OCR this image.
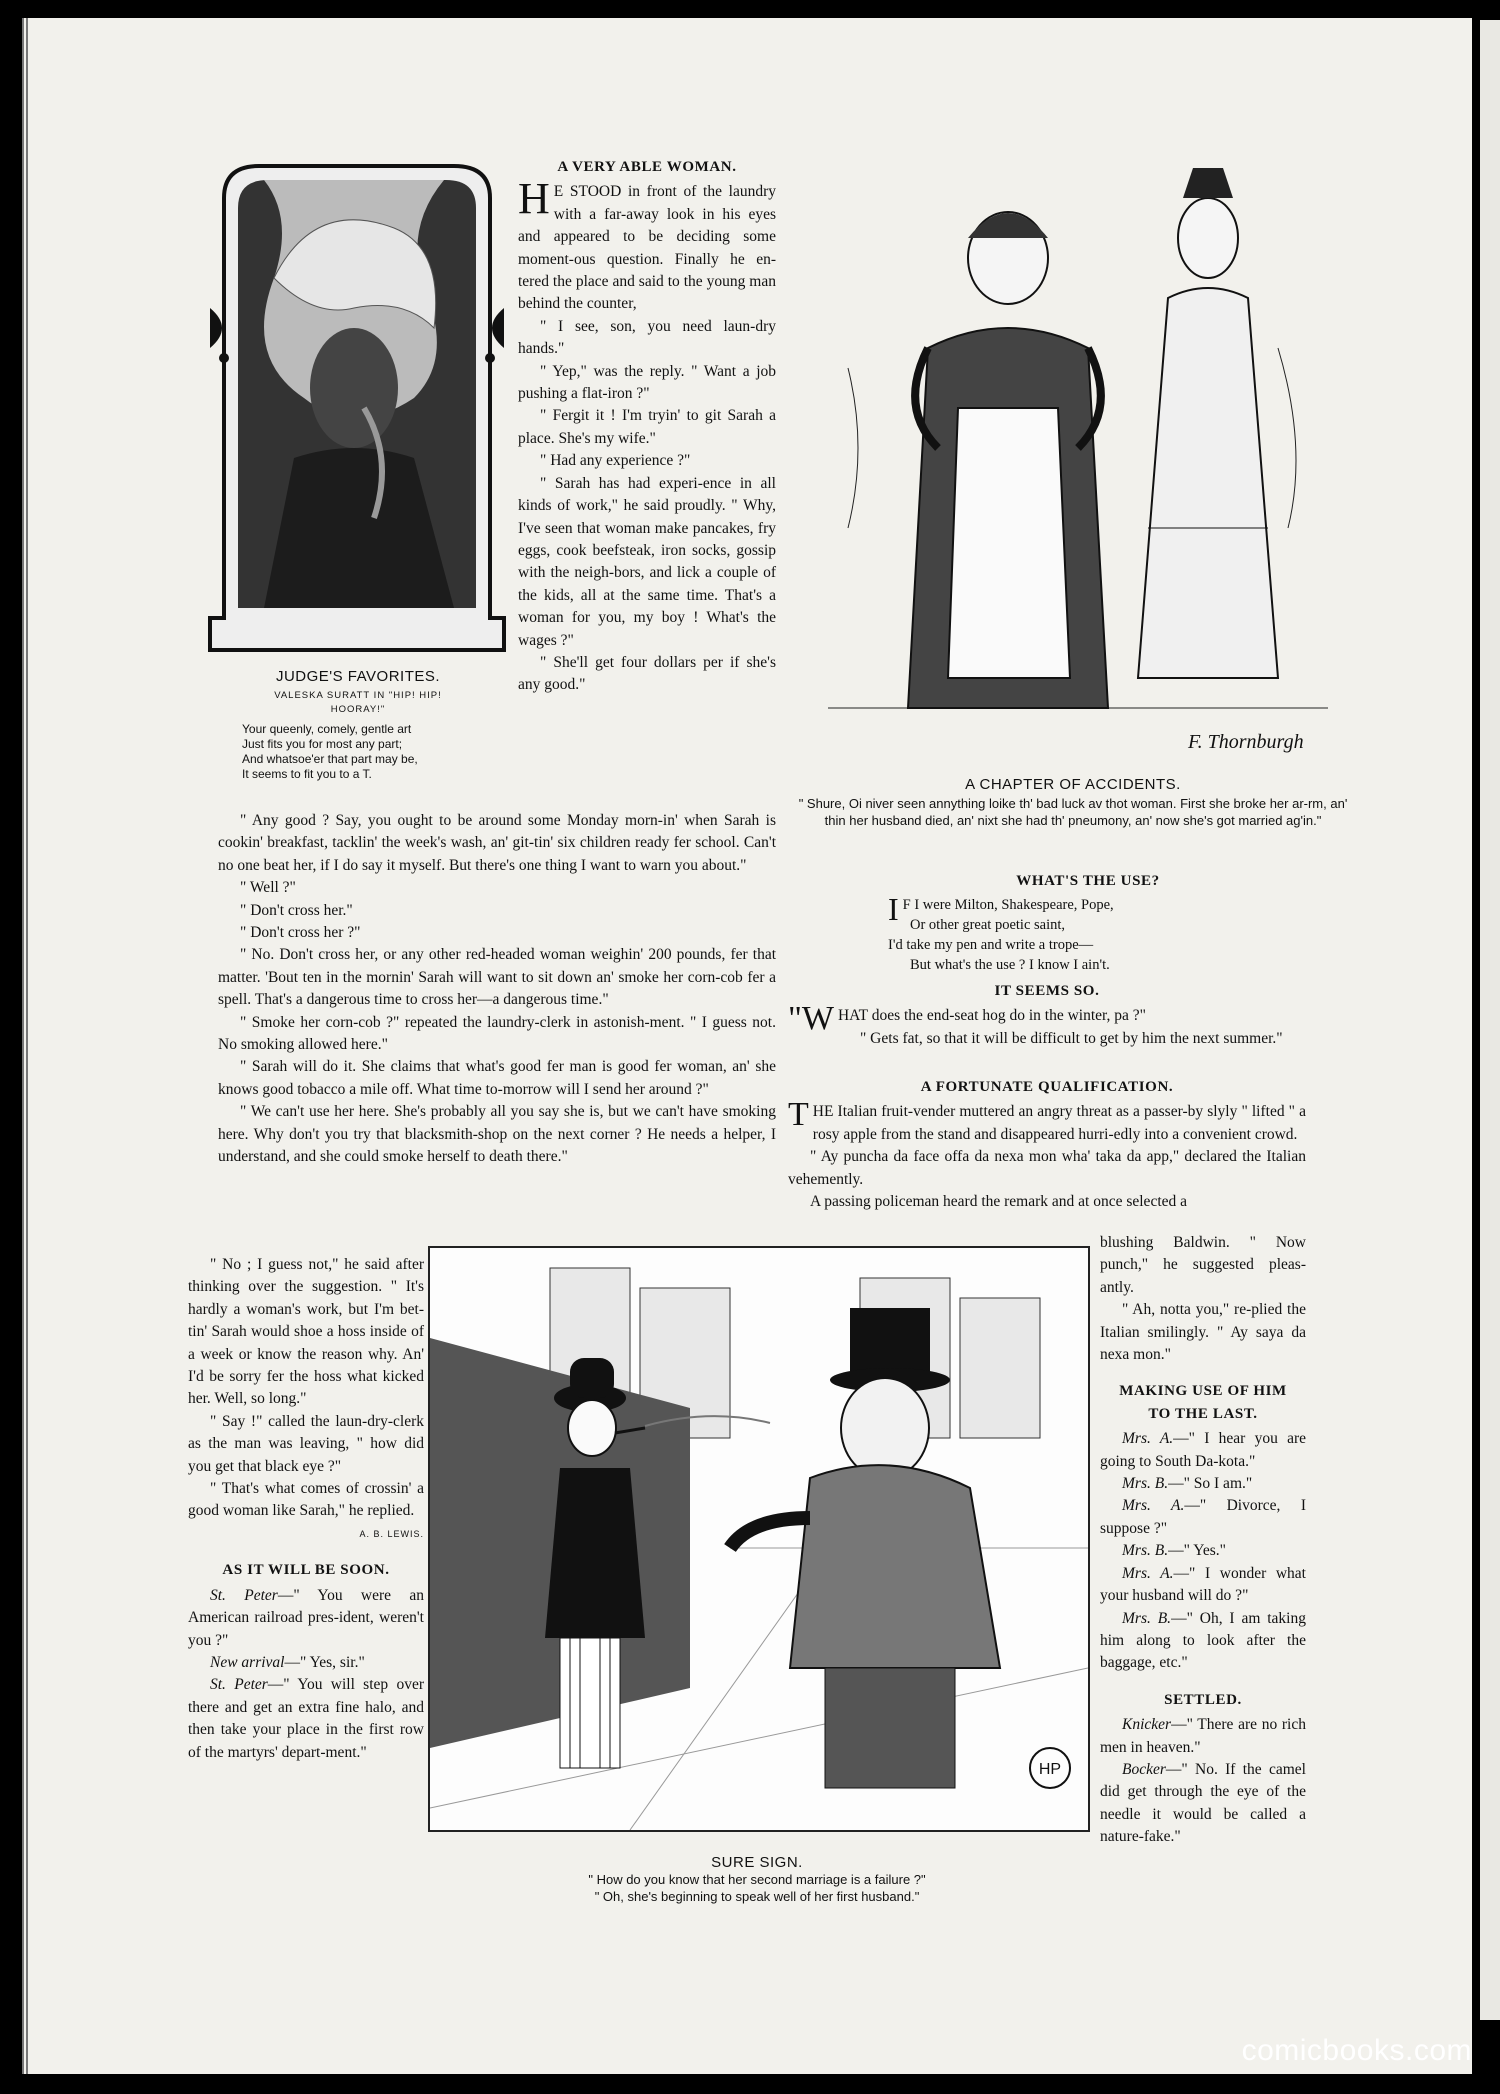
JUDGE'S FAVORITES.
VALESKA SURATT IN "HIP! HIP! HOORAY!"
Your queenly, comely, gentle art
Just fits you for most any part;
And whatsoe'er that part may be,
It seems to fit you to a T.
A VERY ABLE WOMAN.

H E STOOD in front of the laundry with a far-away look in his eyes and appeared to be deciding some moment-ous question. Finally he en-tered the place and said to the young man behind the counter,

" I see, son, you need laun-dry hands."

" Yep," was the reply. " Want a job pushing a flat-iron ?"

" Fergit it ! I'm tryin' to git Sarah a place. She's my wife."

" Had any experience ?"

" Sarah has had experi-ence in all kinds of work," he said proudly. " Why, I've seen that woman make pancakes, fry eggs, cook beefsteak, iron socks, gossip with the neigh-bors, and lick a couple of the kids, all at the same time. That's a woman for you, my boy ! What's the wages ?"

" She'll get four dollars per if she's any good."

" Any good ? Say, you ought to be around some Monday morn-in' when Sarah is cookin' breakfast, tacklin' the week's wash, an' git-tin' six children ready fer school. Can't no one beat her, if I do say it myself. But there's one thing I want to warn you about."

" Well ?"

" Don't cross her."

" Don't cross her ?"

" No. Don't cross her, or any other red-headed woman weighin' 200 pounds, fer that matter. 'Bout ten in the mornin' Sarah will want to sit down an' smoke her corn-cob fer a spell. That's a dangerous time to cross her—a dangerous time."

" Smoke her corn-cob ?" repeated the laundry-clerk in astonish-ment. " I guess not. No smoking allowed here."

" Sarah will do it. She claims that what's good fer man is good fer woman, an' she knows good tobacco a mile off. What time to-morrow will I send her around ?"

" We can't use her here. She's probably all you say she is, but we can't have smoking here. Why don't you try that blacksmith-shop on the next corner ? He needs a helper, I understand, and she could smoke herself to death there."

" No ; I guess not," he said after thinking over the suggestion. " It's hardly a woman's work, but I'm bet-tin' Sarah would shoe a hoss inside of a week or know the reason why. An' I'd be sorry fer the hoss what kicked her. Well, so long."

" Say !" called the laun-dry-clerk as the man was leaving, " how did you get that black eye ?"

" That's what comes of crossin' a good woman like Sarah," he replied.

A. B. LEWIS.
AS IT WILL BE SOON.

St. Peter—" You were an American railroad pres-ident, weren't you ?"

New arrival—" Yes, sir."

St. Peter—" You will step over there and get an extra fine halo, and then take your place in the first row of the martyrs' depart-ment."

F. Thornburgh
A CHAPTER OF ACCIDENTS.
" Shure, Oi niver seen annything loike th' bad luck av thot woman. First she broke her ar-rm, an' thin her husband died, an' nixt she had th' pneumony, an' now she's got married ag'in."
WHAT'S THE USE?
I F I were Milton, Shakespeare, Pope,
Or other great poetic saint,
I'd take my pen and write a trope—
But what's the use ? I know I ain't.
IT SEEMS SO.

"WHAT does the end-seat hog do in the winter, pa ?"

" Gets fat, so that it will be difficult to get by him the next summer."

A FORTUNATE QUALIFICATION.

THE Italian fruit-vender muttered an angry threat as a passer-by slyly " lifted " a rosy apple from the stand and disappeared hurri-edly into a convenient crowd.

" Ay puncha da face offa da nexa mon wha' taka da app," declared the Italian vehemently.

A passing policeman heard the remark and at once selected a

blushing Baldwin. " Now punch," he suggested pleas-antly.

" Ah, notta you," re-plied the Italian smilingly. " Ay saya da nexa mon."

MAKING USE OF HIM
TO THE LAST.

Mrs. A.—" I hear you are going to South Da-kota."

Mrs. B.—" So I am."

Mrs. A.—" Divorce, I suppose ?"

Mrs. B.—" Yes."

Mrs. A.—" I wonder what your husband will do ?"

Mrs. B.—" Oh, I am taking him along to look after the baggage, etc."

SETTLED.

Knicker—" There are no rich men in heaven."

Bocker—" No. If the camel did get through the eye of the needle it would be called a nature-fake."

HP
SURE SIGN.
" How do you know that her second marriage is a failure ?"
" Oh, she's beginning to speak well of her first husband."
comicbooks.com
